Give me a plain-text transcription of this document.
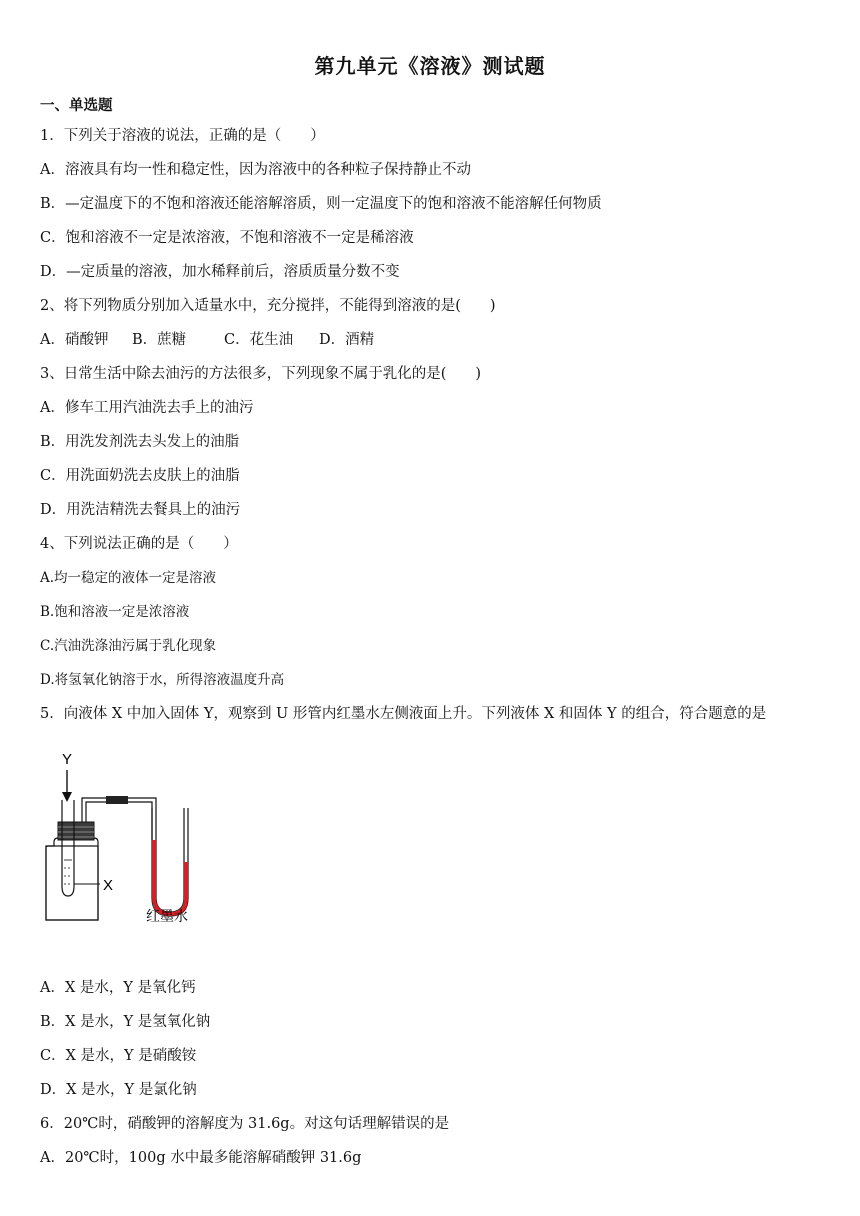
第九单元《溶液》测试题
一、单选题
1．下列关于溶液的说法，正确的是（　　）
A．溶液具有均一性和稳定性，因为溶液中的各种粒子保持静止不动
B．—定温度下的不饱和溶液还能溶解溶质，则一定温度下的饱和溶液不能溶解任何物质
C．饱和溶液不一定是浓溶液，不饱和溶液不一定是稀溶液
D．—定质量的溶液，加水稀释前后，溶质质量分数不变
2、将下列物质分别加入适量水中，充分搅拌，不能得到溶液的是(　　)
A．硝酸钾 B．蔗糖	C．花生油 D．酒精
3、日常生活中除去油污的方法很多，下列现象不属于乳化的是(　　)
A．修车工用汽油洗去手上的油污
B．用洗发剂洗去头发上的油脂
C．用洗面奶洗去皮肤上的油脂
D．用洗洁精洗去餐具上的油污
4、下列说法正确的是（　　）
A.均一稳定的液体一定是溶液
B.饱和溶液一定是浓溶液
C.汽油洗涤油污属于乳化现象
D.将氢氧化钠溶于水，所得溶液温度升高
5．向液体 X 中加入固体 Y，观察到 U 形管内红墨水左侧液面上升。下列液体 X 和固体 Y 的组合，符合题意的是
Y
X
红墨水
A．X 是水，Y 是氧化钙
B．X 是水，Y 是氢氧化钠
C．X 是水，Y 是硝酸铵
D．X 是水，Y 是氯化钠
6．20℃时，硝酸钾的溶解度为 31.6g。对这句话理解错误的是
A．20℃时，100g 水中最多能溶解硝酸钾 31.6g
